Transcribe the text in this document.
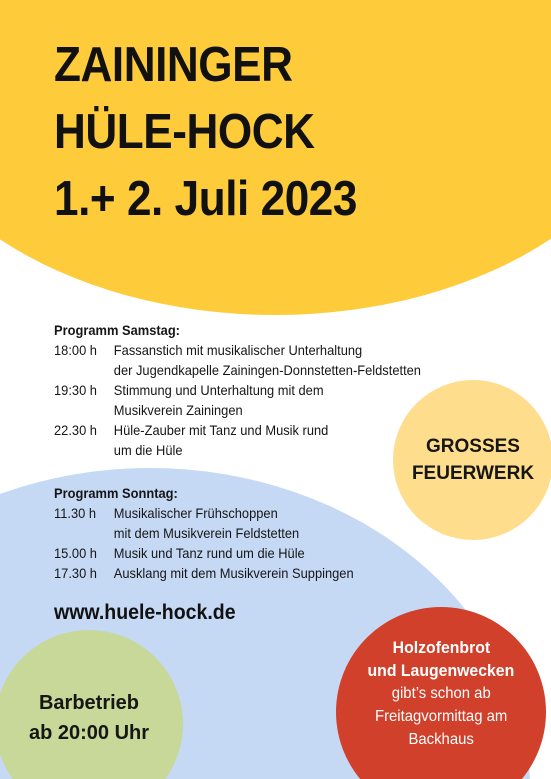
ZAININGER
HÜLE-HOCK
1.+ 2. Juli 2023
Programm Samstag:
18:00 h	Fassanstich mit musikalischer Unterhaltung
der Jugendkapelle Zainingen-Donnstetten-Feldstetten
19:30 h	Stimmung und Unterhaltung mit dem
Musikverein Zainingen
22.30 h	Hüle-Zauber mit Tanz und Musik rund
um die Hüle
Programm Sonntag:
11.30 h	Musikalischer Frühschoppen
mit dem Musikverein Feldstetten
15.00 h	Musik und Tanz rund um die Hüle
17.30 h	Ausklang mit dem Musikverein Suppingen

www.huele-hock.de

GROSSES
FEUERWERK
Barbetrieb
ab 20:00 Uhr
Holzofenbrot
und Laugenwecken
gibt’s schon ab
Freitagvormittag am
Backhaus
